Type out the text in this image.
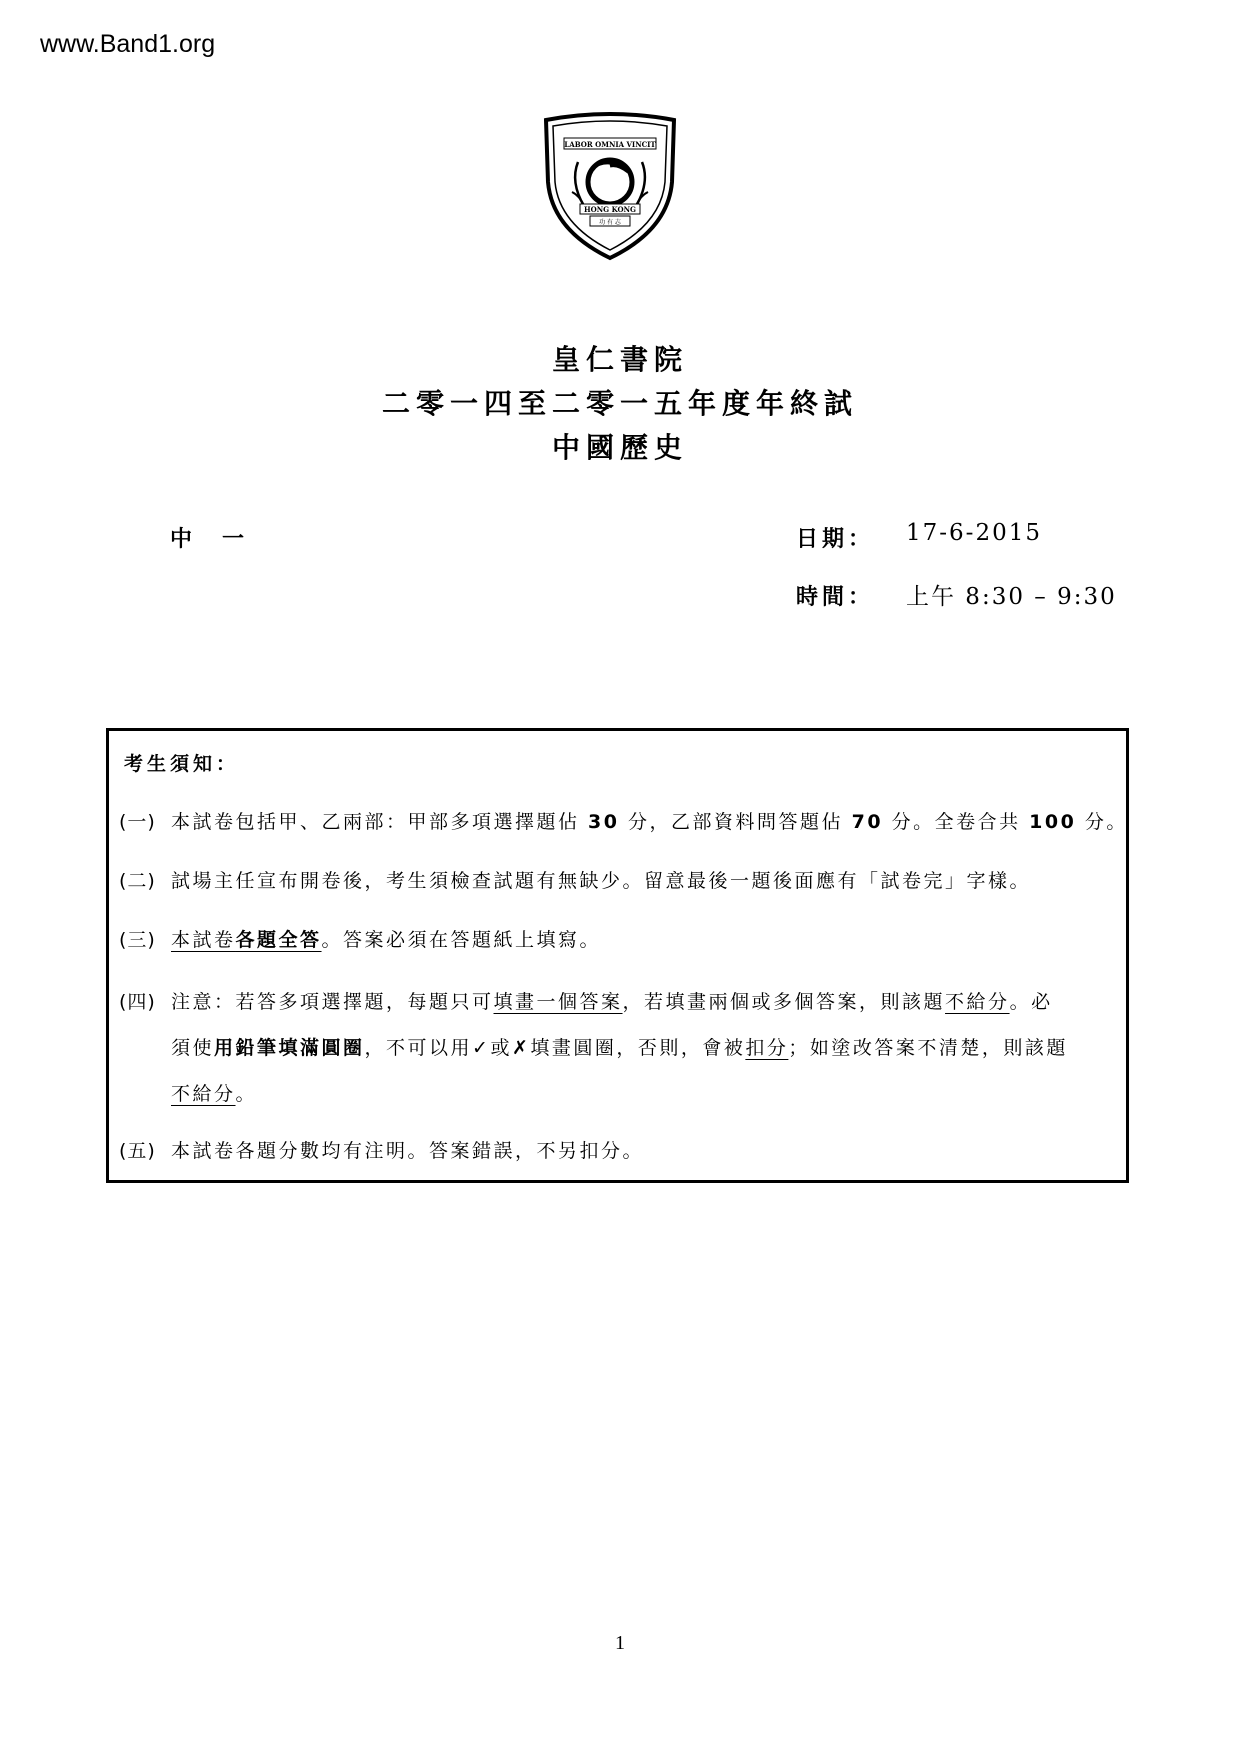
www.Band1.org
LABOR OMNIA VINCIT
HONG KONG
功 有 志
皇仁書院
二零一四至二零一五年度年終試
中國歷史
中　一	日期： 17-6-2015
時間： 上午 8:30 – 9:30
考生須知：
(一) 本試卷包括甲、乙兩部：甲部多項選擇題佔 30 分，乙部資料問答題佔 70 分。全卷合共 100 分。
(二) 試場主任宣布開卷後，考生須檢查試題有無缺少。留意最後一題後面應有「試卷完」字樣。
(三) 本試卷各題全答。答案必須在答題紙上填寫。
(四) 注意：若答多項選擇題，每題只可填畫一個答案，若填畫兩個或多個答案，則該題不給分。必
須使用鉛筆填滿圓圈，不可以用✓或✗填畫圓圈，否則，會被扣分；如塗改答案不清楚，則該題
不給分。
(五) 本試卷各題分數均有注明。答案錯誤，不另扣分。
1
